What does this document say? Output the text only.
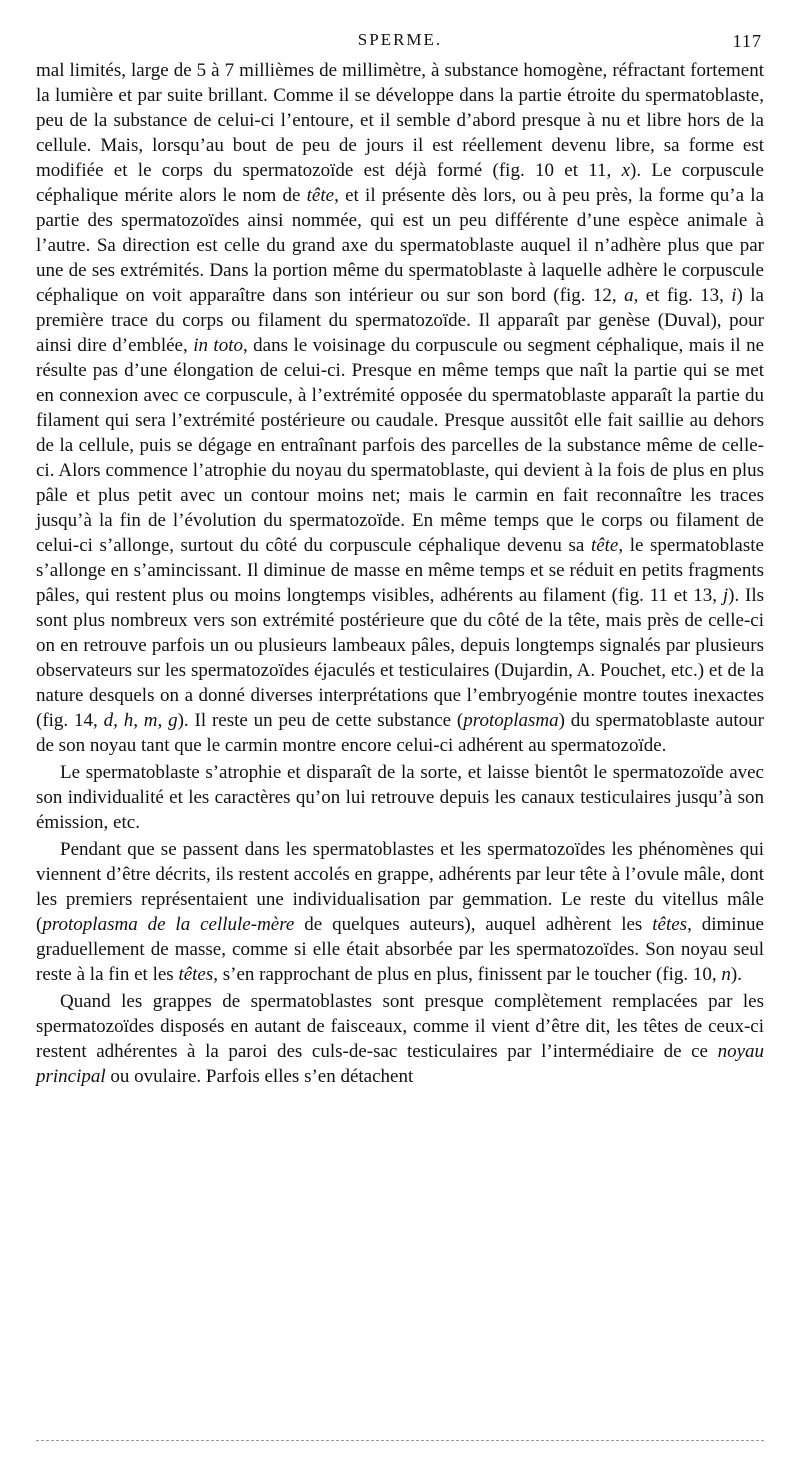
SPERME.	117

mal limités, large de 5 à 7 millièmes de millimètre, à substance homogène, réfractant fortement la lumière et par suite brillant. Comme il se développe dans la partie étroite du spermatoblaste, peu de la substance de celui-ci l’entoure, et il semble d’abord presque à nu et libre hors de la cellule. Mais, lorsqu’au bout de peu de jours il est réellement devenu libre, sa forme est modifiée et le corps du spermatozoïde est déjà formé (fig. 10 et 11, x). Le corpuscule céphalique mérite alors le nom de tête, et il présente dès lors, ou à peu près, la forme qu’a la partie des spermatozoïdes ainsi nommée, qui est un peu différente d’une espèce animale à l’autre. Sa direction est celle du grand axe du spermatoblaste auquel il n’adhère plus que par une de ses extrémités. Dans la portion même du spermatoblaste à laquelle adhère le corpuscule céphalique on voit apparaître dans son intérieur ou sur son bord (fig. 12, a, et fig. 13, i) la première trace du corps ou filament du spermatozoïde. Il apparaît par genèse (Duval), pour ainsi dire d’emblée, in toto, dans le voisinage du corpuscule ou segment céphalique, mais il ne résulte pas d’une élongation de celui-ci. Presque en même temps que naît la partie qui se met en connexion avec ce corpuscule, à l’extrémité opposée du spermatoblaste apparaît la partie du filament qui sera l’extrémité postérieure ou caudale. Presque aussitôt elle fait saillie au dehors de la cellule, puis se dégage en entraînant parfois des parcelles de la substance même de celle-ci. Alors commence l’atrophie du noyau du spermatoblaste, qui devient à la fois de plus en plus pâle et plus petit avec un contour moins net; mais le carmin en fait reconnaître les traces jusqu’à la fin de l’évolution du spermatozoïde. En même temps que le corps ou filament de celui-ci s’allonge, surtout du côté du corpuscule céphalique devenu sa tête, le spermatoblaste s’allonge en s’amincissant. Il diminue de masse en même temps et se réduit en petits fragments pâles, qui restent plus ou moins longtemps visibles, adhérents au filament (fig. 11 et 13, j). Ils sont plus nombreux vers son extrémité postérieure que du côté de la tête, mais près de celle-ci on en retrouve parfois un ou plusieurs lambeaux pâles, depuis longtemps signalés par plusieurs observateurs sur les spermatozoïdes éjaculés et testiculaires (Dujardin, A. Pouchet, etc.) et de la nature desquels on a donné diverses interprétations que l’embryogénie montre toutes inexactes (fig. 14, d, h, m, g). Il reste un peu de cette substance (protoplasma) du spermatoblaste autour de son noyau tant que le carmin montre encore celui-ci adhérent au spermatozoïde.

Le spermatoblaste s’atrophie et disparaît de la sorte, et laisse bientôt le spermatozoïde avec son individualité et les caractères qu’on lui retrouve depuis les canaux testiculaires jusqu’à son émission, etc.

Pendant que se passent dans les spermatoblastes et les spermatozoïdes les phénomènes qui viennent d’être décrits, ils restent accolés en grappe, adhérents par leur tête à l’ovule mâle, dont les premiers représentaient une individualisation par gemmation. Le reste du vitellus mâle (protoplasma de la cellule-mère de quelques auteurs), auquel adhèrent les têtes, diminue graduellement de masse, comme si elle était absorbée par les spermatozoïdes. Son noyau seul reste à la fin et les têtes, s’en rapprochant de plus en plus, finissent par le toucher (fig. 10, n).

Quand les grappes de spermatoblastes sont presque complètement remplacées par les spermatozoïdes disposés en autant de faisceaux, comme il vient d’être dit, les têtes de ceux-ci restent adhérentes à la paroi des culs-de-sac testiculaires par l’intermédiaire de ce noyau principal ou ovulaire. Parfois elles s’en détachent
